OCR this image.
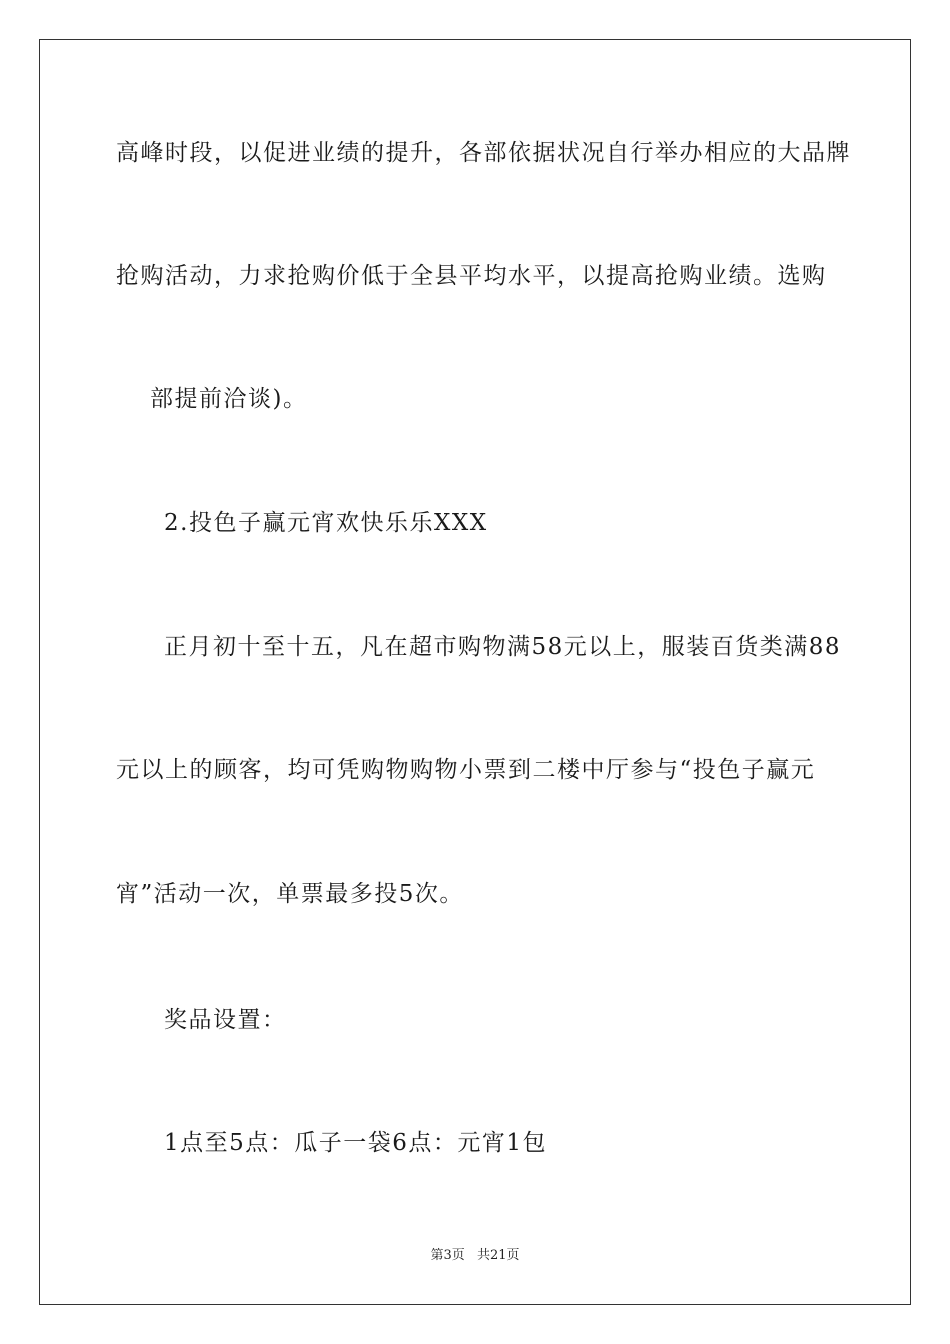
高峰时段，以促进业绩的提升，各部依据状况自行举办相应的大品牌
抢购活动，力求抢购价低于全县平均水平，以提高抢购业绩。选购
部提前洽谈)。
2.投色子赢元宵欢快乐乐XXX
正月初十至十五，凡在超市购物满58元以上，服装百货类满88
元以上的顾客，均可凭购物购物小票到二楼中厅参与“投色子赢元
宵”活动一次，单票最多投5次。
奖品设置：
1点至5点：瓜子一袋6点：元宵1包
第3页 共21页
